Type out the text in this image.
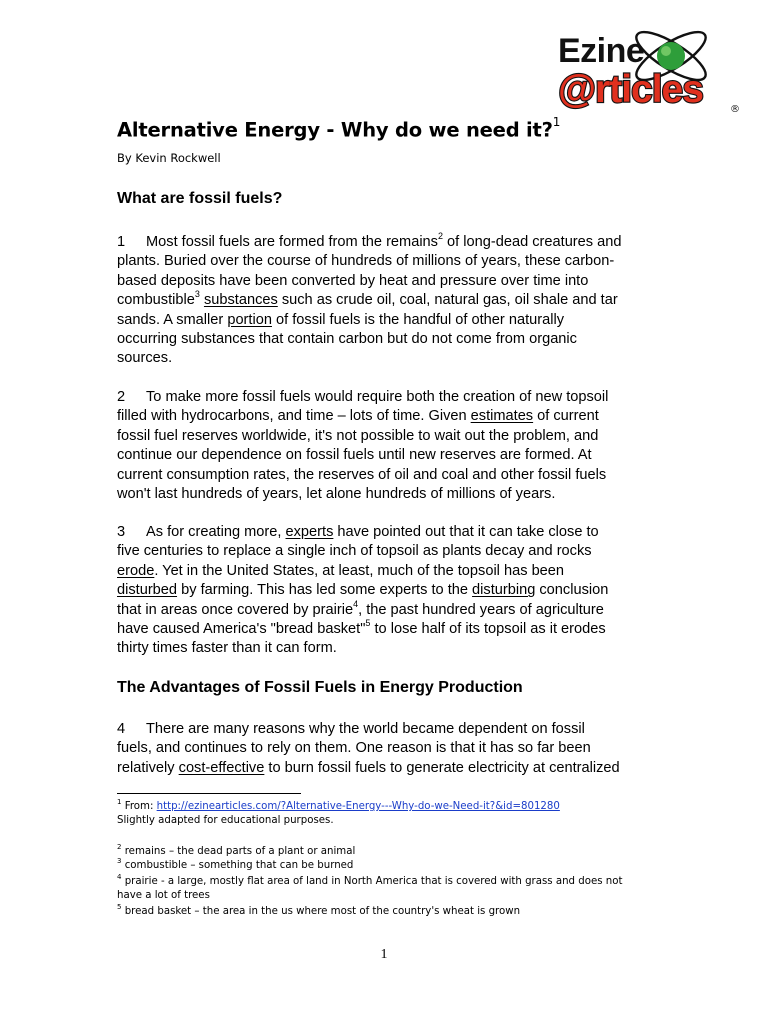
Ezine
@rticles	®
Alternative Energy - Why do we need it?$^1$
By Kevin Rockwell
What are fossil fuels?
1 Most fossil fuels are formed from the remains$^2$ of long-dead creatures and
plants. Buried over the course of hundreds of millions of years, these carbon-
based deposits have been converted by heat and pressure over time into
combustible$^3$ substances such as crude oil, coal, natural gas, oil shale and tar
sands. A smaller portion of fossil fuels is the handful of other naturally
occurring substances that contain carbon but do not come from organic
sources.
2 To make more fossil fuels would require both the creation of new topsoil
filled with hydrocarbons, and time – lots of time. Given estimates of current
fossil fuel reserves worldwide, it's not possible to wait out the problem, and
continue our dependence on fossil fuels until new reserves are formed. At
current consumption rates, the reserves of oil and coal and other fossil fuels
won't last hundreds of years, let alone hundreds of millions of years.
3 As for creating more, experts have pointed out that it can take close to
five centuries to replace a single inch of topsoil as plants decay and rocks
erode. Yet in the United States, at least, much of the topsoil has been
disturbed by farming. This has led some experts to the disturbing conclusion
that in areas once covered by prairie$^4$, the past hundred years of agriculture
have caused America's "bread basket"$^5$ to lose half of its topsoil as it erodes
thirty times faster than it can form.
The Advantages of Fossil Fuels in Energy Production
4 There are many reasons why the world became dependent on fossil
fuels, and continues to rely on them. One reason is that it has so far been
relatively cost-effective to burn fossil fuels to generate electricity at centralized
$^1$ From: http://ezinearticles.com/?Alternative-Energy---Why-do-we-Need-it?&id=801280
Slightly adapted for educational purposes.
$^2$ remains – the dead parts of a plant or animal
$^3$ combustible – something that can be burned
$^4$ prairie - a large, mostly flat area of land in North America that is covered with grass and does not
have a lot of trees
$^5$ bread basket – the area in the us where most of the country's wheat is grown
1
